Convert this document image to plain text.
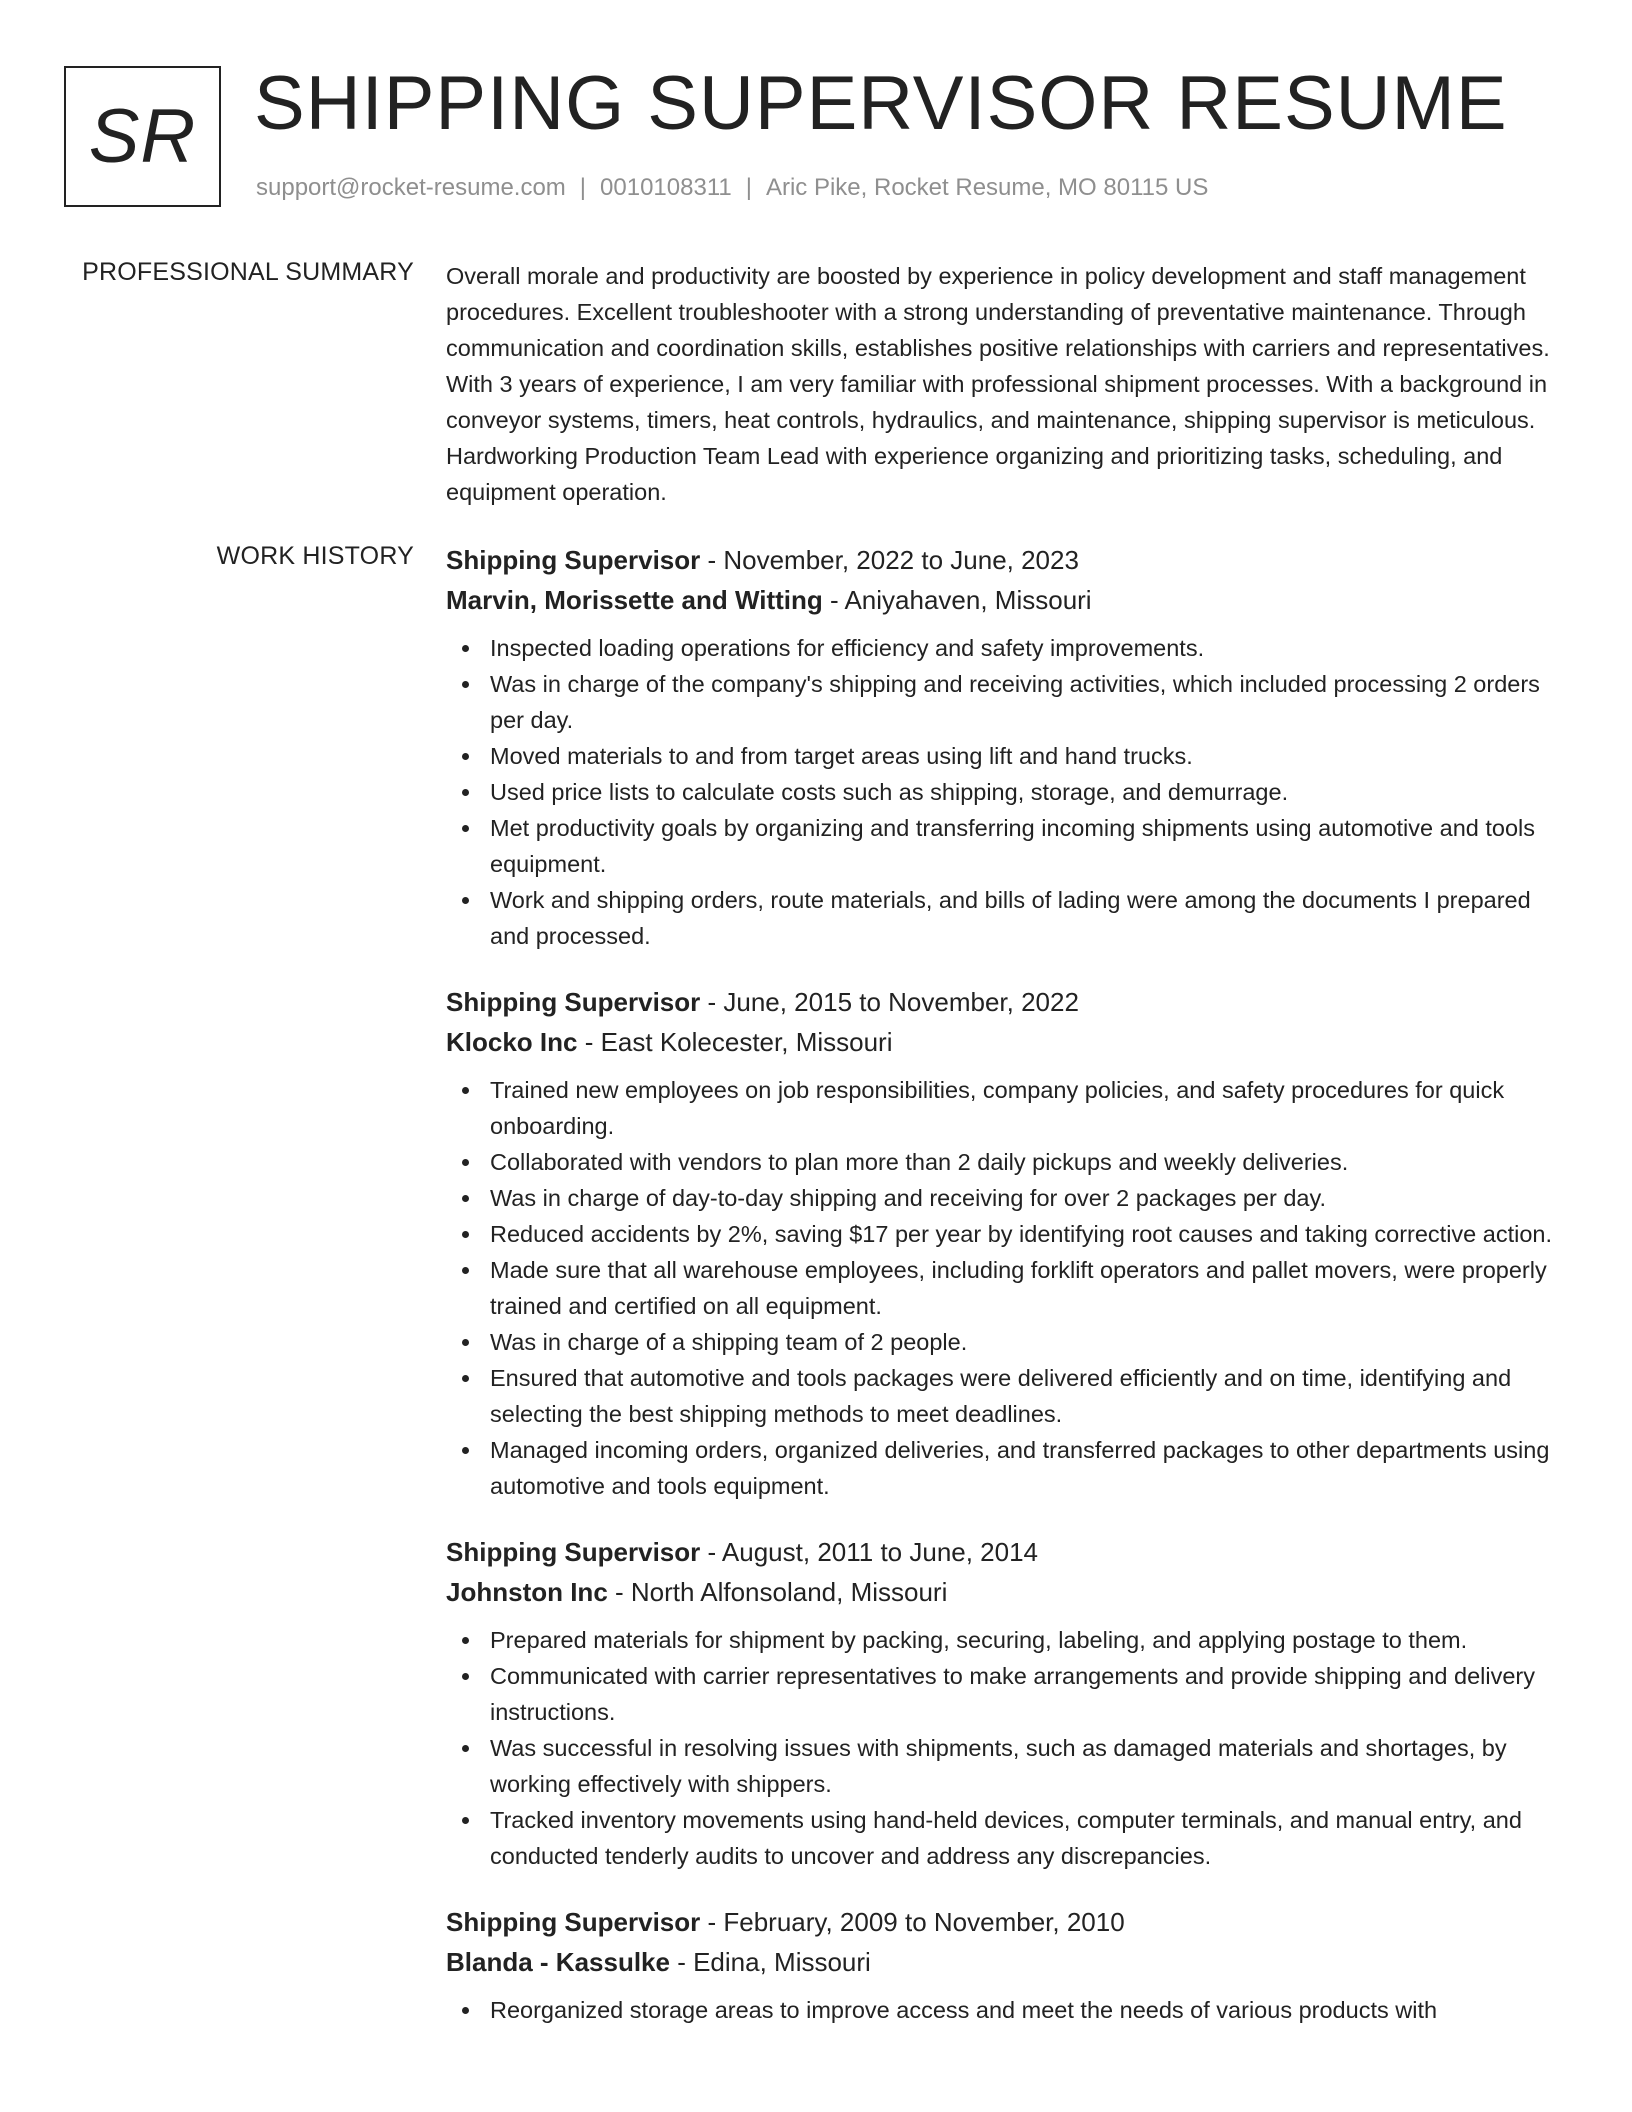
SR SHIPPING SUPERVISOR RESUME
support@rocket-resume.com | 0010108311 | Aric Pike, Rocket Resume, MO 80115 US
PROFESSIONAL SUMMARY Overall morale and productivity are boosted by experience in policy development and staff management procedures. Excellent troubleshooter with a strong understanding of preventative maintenance. Through communication and coordination skills, establishes positive relationships with carriers and representatives. With 3 years of experience, I am very familiar with professional shipment processes. With a background in conveyor systems, timers, heat controls, hydraulics, and maintenance, shipping supervisor is meticulous. Hardworking Production Team Lead with experience organizing and prioritizing tasks, scheduling, and equipment operation.

WORK HISTORY Shipping Supervisor - November, 2022 to June, 2023
Marvin, Morissette and Witting - Aniyahaven, Missouri
Inspected loading operations for efficiency and safety improvements.
Was in charge of the company's shipping and receiving activities, which included processing 2 orders per day.
Moved materials to and from target areas using lift and hand trucks.
Used price lists to calculate costs such as shipping, storage, and demurrage.
Met productivity goals by organizing and transferring incoming shipments using automotive and tools equipment.
Work and shipping orders, route materials, and bills of lading were among the documents I prepared and processed.
Shipping Supervisor - June, 2015 to November, 2022
Klocko Inc - East Kolecester, Missouri
Trained new employees on job responsibilities, company policies, and safety procedures for quick onboarding.
Collaborated with vendors to plan more than 2 daily pickups and weekly deliveries.
Was in charge of day-to-day shipping and receiving for over 2 packages per day.
Reduced accidents by 2%, saving $17 per year by identifying root causes and taking corrective action.
Made sure that all warehouse employees, including forklift operators and pallet movers, were properly trained and certified on all equipment.
Was in charge of a shipping team of 2 people.
Ensured that automotive and tools packages were delivered efficiently and on time, identifying and selecting the best shipping methods to meet deadlines.
Managed incoming orders, organized deliveries, and transferred packages to other departments using automotive and tools equipment.
Shipping Supervisor - August, 2011 to June, 2014
Johnston Inc - North Alfonsoland, Missouri
Prepared materials for shipment by packing, securing, labeling, and applying postage to them.
Communicated with carrier representatives to make arrangements and provide shipping and delivery instructions.
Was successful in resolving issues with shipments, such as damaged materials and shortages, by working effectively with shippers.
Tracked inventory movements using hand-held devices, computer terminals, and manual entry, and conducted tenderly audits to uncover and address any discrepancies.
Shipping Supervisor - February, 2009 to November, 2010
Blanda - Kassulke - Edina, Missouri
Reorganized storage areas to improve access and meet the needs of various products with
